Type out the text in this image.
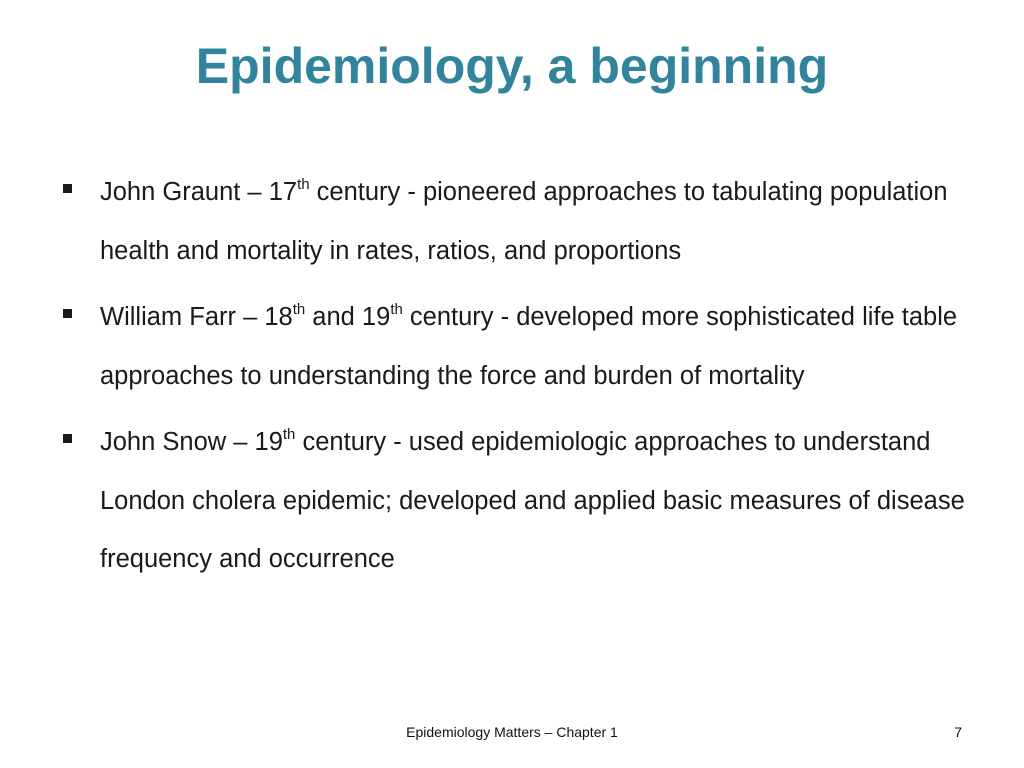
Epidemiology, a beginning
John Graunt – 17th century - pioneered approaches to tabulating population health and mortality in rates, ratios, and proportions
William Farr – 18th and 19th century - developed more sophisticated life table approaches to understanding the force and burden of mortality
John Snow – 19th century - used epidemiologic approaches to understand London cholera epidemic; developed and applied basic measures of disease frequency and occurrence
Epidemiology Matters – Chapter 1	7
